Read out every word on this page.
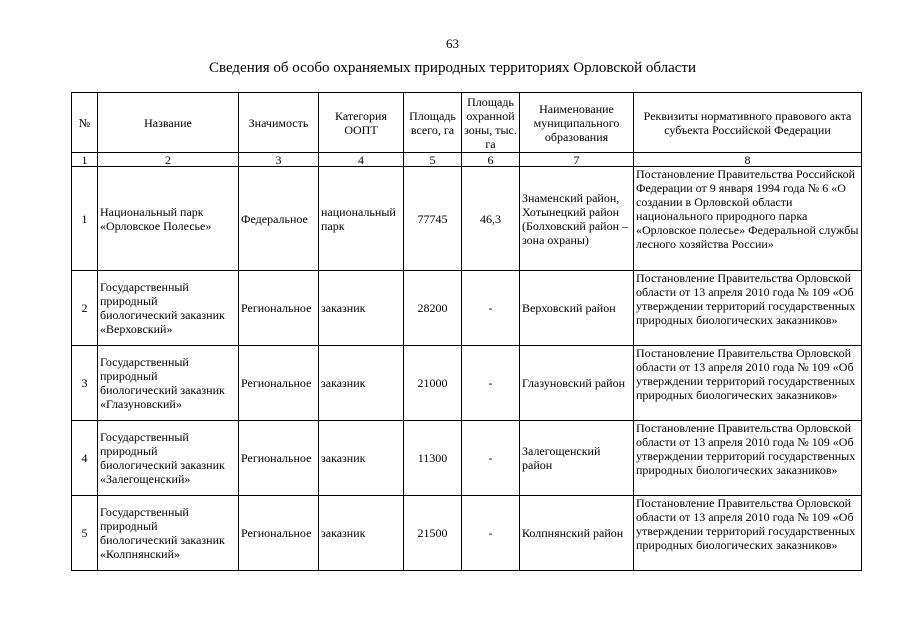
63
Сведения об особо охраняемых природных территориях Орловской области
№	Название	Значимость	Категория ООПТ	Площадь всего, га	Площадь охранной зоны, тыс. га	Наименование муниципального образования	Реквизиты нормативного правового акта субъекта Российской Федерации
1	2	3	4	5	6	7	8
1	Национальный парк «Орловское Полесье»	Федеральное	национальный парк	77745	46,3	Знаменский район, Хотынецкий район (Болховский район – зона охраны)	Постановление Правительства Российской Федерации от 9 января 1994 года № 6 «О создании в Орловской области национального природного парка «Орловское полесье» Федеральной службы лесного хозяйства России»
2	Государственный природный биологический заказник «Верховский»	Региональное	заказник	28200	-	Верховский район	Постановление Правительства Орловской области от 13 апреля 2010 года № 109 «Об утверждении территорий государственных природных биологических заказников»
3	Государственный природный биологический заказник «Глазуновский»	Региональное	заказник	21000	-	Глазуновский район	Постановление Правительства Орловской области от 13 апреля 2010 года № 109 «Об утверждении территорий государственных природных биологических заказников»
4	Государственный природный биологический заказник «Залегощенский»	Региональное	заказник	11300	-	Залегощенский район	Постановление Правительства Орловской области от 13 апреля 2010 года № 109 «Об утверждении территорий государственных природных биологических заказников»
5	Государственный природный биологический заказник «Колпнянский»	Региональное	заказник	21500	-	Колпнянский район	Постановление Правительства Орловской области от 13 апреля 2010 года № 109 «Об утверждении территорий государственных природных биологических заказников»
